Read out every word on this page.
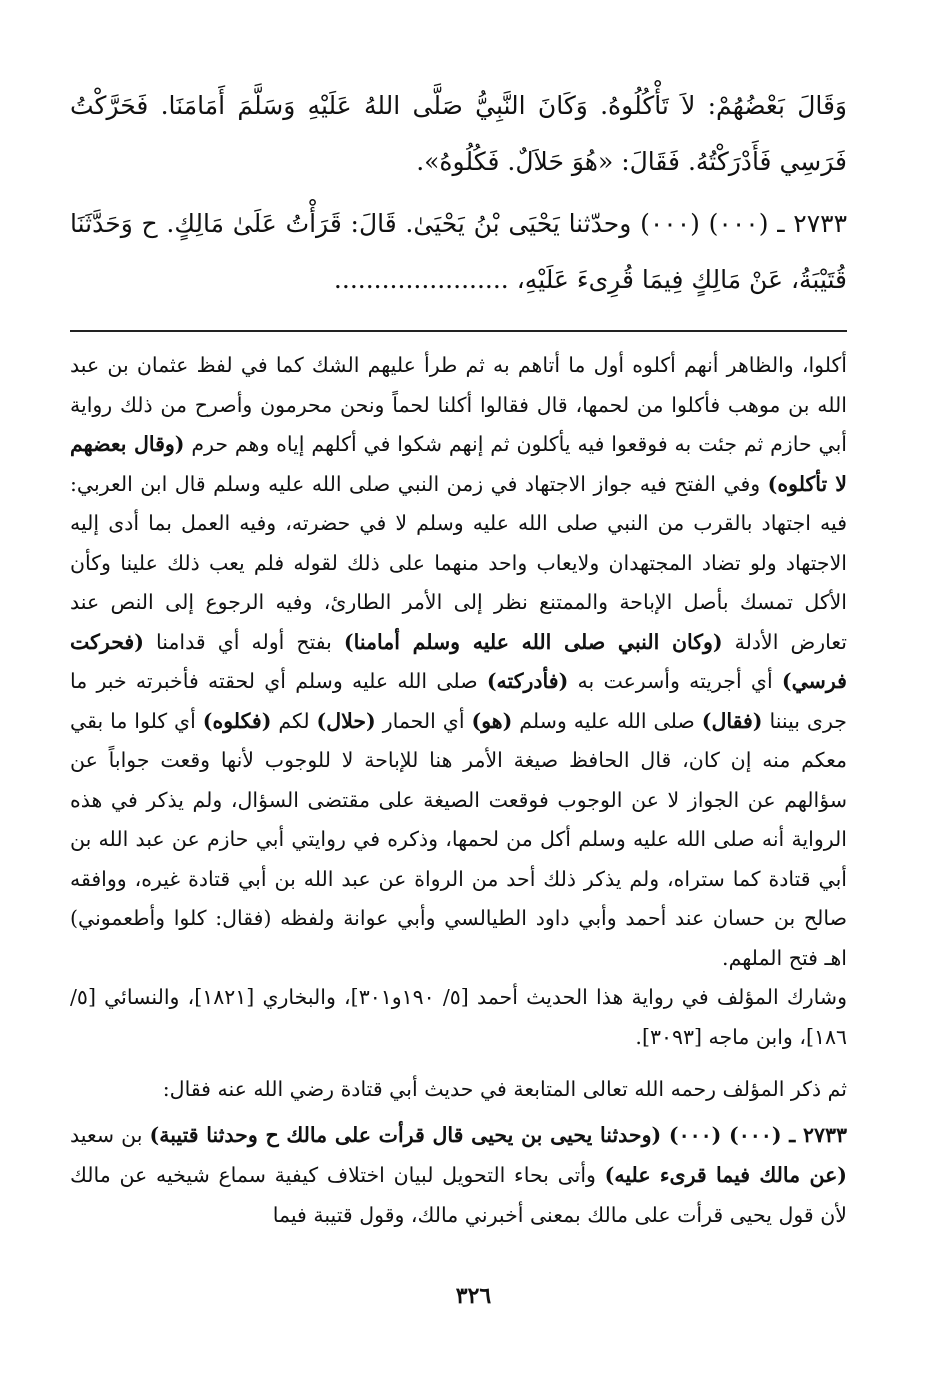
وَقَالَ بَعْضُهُمْ: لاَ تَأْكُلُوهُ. وَكَانَ النَّبِيُّ صَلَّى اللهُ عَلَيْهِ وَسَلَّمَ أَمَامَنَا. فَحَرَّكْتُ فَرَسِي فَأَدْرَكْتُهُ. فَقَالَ: «هُوَ حَلاَلٌ. فَكُلُوهُ».

٢٧٣٣ ـ (٠٠٠) (٠٠٠) وحدّثنا يَحْيَى بْنُ يَحْيَىٰ. قَالَ: قَرَأْتُ عَلَىٰ مَالِكٍ. ح وَحَدَّثَنَا قُتَيْبَةُ، عَنْ مَالِكٍ فِيمَا قُرِىءَ عَلَيْهِ، ......................

أكلوا، والظاهر أنهم أكلوه أول ما أتاهم به ثم طرأ عليهم الشك كما في لفظ عثمان بن عبد الله بن موهب فأكلوا من لحمها، قال فقالوا أكلنا لحماً ونحن محرمون وأصرح من ذلك رواية أبي حازم ثم جئت به فوقعوا فيه يأكلون ثم إنهم شكوا في أكلهم إياه وهم حرم (وقال بعضهم لا تأكلوه) وفي الفتح فيه جواز الاجتهاد في زمن النبي صلى الله عليه وسلم قال ابن العربي: فيه اجتهاد بالقرب من النبي صلى الله عليه وسلم لا في حضرته، وفيه العمل بما أدى إليه الاجتهاد ولو تضاد المجتهدان ولايعاب واحد منهما على ذلك لقوله فلم يعب ذلك علينا وكأن الأكل تمسك بأصل الإباحة والممتنع نظر إلى الأمر الطارئ، وفيه الرجوع إلى النص عند تعارض الأدلة (وكان النبي صلى الله عليه وسلم أمامنا) بفتح أوله أي قدامنا (فحركت فرسي) أي أجريته وأسرعت به (فأدركته) صلى الله عليه وسلم أي لحقته فأخبرته خبر ما جرى بيننا (فقال) صلى الله عليه وسلم (هو) أي الحمار (حلال) لكم (فكلوه) أي كلوا ما بقي معكم منه إن كان، قال الحافظ صيغة الأمر هنا للإباحة لا للوجوب لأنها وقعت جواباً عن سؤالهم عن الجواز لا عن الوجوب فوقعت الصيغة على مقتضى السؤال، ولم يذكر في هذه الرواية أنه صلى الله عليه وسلم أكل من لحمها، وذكره في روايتي أبي حازم عن عبد الله بن أبي قتادة كما ستراه، ولم يذكر ذلك أحد من الرواة عن عبد الله بن أبي قتادة غيره، ووافقه صالح بن حسان عند أحمد وأبي داود الطيالسي وأبي عوانة ولفظه (فقال: كلوا وأطعموني) اهـ فتح الملهم.

وشارك المؤلف في رواية هذا الحديث أحمد [٥/ ١٩٠و٣٠١]، والبخاري [١٨٢١]، والنسائي [٥/ ١٨٦]، وابن ماجه [٣٠٩٣].

ثم ذكر المؤلف رحمه الله تعالى المتابعة في حديث أبي قتادة رضي الله عنه فقال:

٢٧٣٣ ـ (٠٠٠) (٠٠٠) (وحدثنا يحيى بن يحيى قال قرأت على مالك ح وحدثنا قتيبة) بن سعيد (عن مالك فيما قرىء عليه) وأتى بحاء التحويل لبيان اختلاف كيفية سماع شيخيه عن مالك لأن قول يحيى قرأت على مالك بمعنى أخبرني مالك، وقول قتيبة فيما

٣٢٦
